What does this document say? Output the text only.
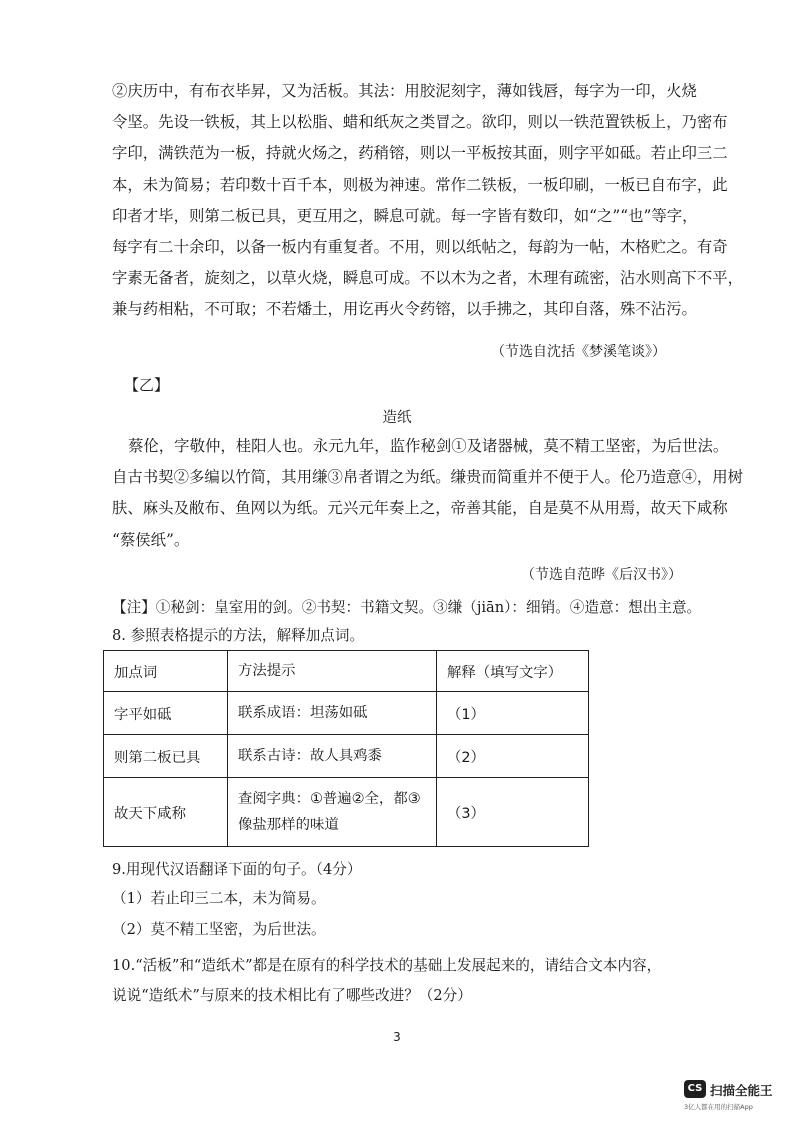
②庆历中，有布衣毕昇，又为活板。其法：用胶泥刻字，薄如钱唇，每字为一印，火烧

令坚。先设一铁板，其上以松脂、蜡和纸灰之类冒之。欲印，则以一铁范置铁板上，乃密布

字印，满铁范为一板，持就火炀之，药稍镕，则以一平板按其面，则字平如砥。若止印三二

本，未为简易；若印数十百千本，则极为神速。常作二铁板，一板印刷，一板已自布字，此

印者才毕，则第二板已具，更互用之，瞬息可就。每一字皆有数印，如“之”“也”等字，

每字有二十余印，以备一板内有重复者。不用，则以纸帖之，每韵为一帖，木格贮之。有奇

字素无备者，旋刻之，以草火烧，瞬息可成。不以木为之者，木理有疏密，沾水则高下不平，

兼与药相粘，不可取；不若燔土，用讫再火令药镕，以手拂之，其印自落，殊不沾污。

（节选自沈括《梦溪笔谈》）
【乙】
造纸

蔡伦，字敬仲，桂阳人也。永元九年，监作秘剑①及诸器械，莫不精工坚密，为后世法。

自古书契②多编以竹简，其用缣③帛者谓之为纸。缣贵而简重并不便于人。伦乃造意④，用树

肤、麻头及敝布、鱼网以为纸。元兴元年奏上之，帝善其能，自是莫不从用焉，故天下咸称

“蔡侯纸”。

（节选自范晔《后汉书》）
【注】①秘剑：皇室用的剑。②书契：书籍文契。③缣（jiān）：细销。④造意：想出主意。
8. 参照表格提示的方法，解释加点词。
加点词	方法提示	解释（填写文字）
字平如砥	联系成语：坦荡如砥	（1）
则第二板已具	联系古诗：故人具鸡黍	（2）
故天下咸称	查阅字典：①普遍②全，都③像盐那样的味道	（3）
9.用现代汉语翻译下面的句子。（4分）
（1）若止印三二本，未为简易。
（2）莫不精工坚密，为后世法。
10.“活板”和“造纸术”都是在原有的科学技术的基础上发展起来的，请结合文本内容，
说说“造纸术”与原来的技术相比有了哪些改进？（2分）
3
CS 扫描全能王
3亿人都在用的扫描App
